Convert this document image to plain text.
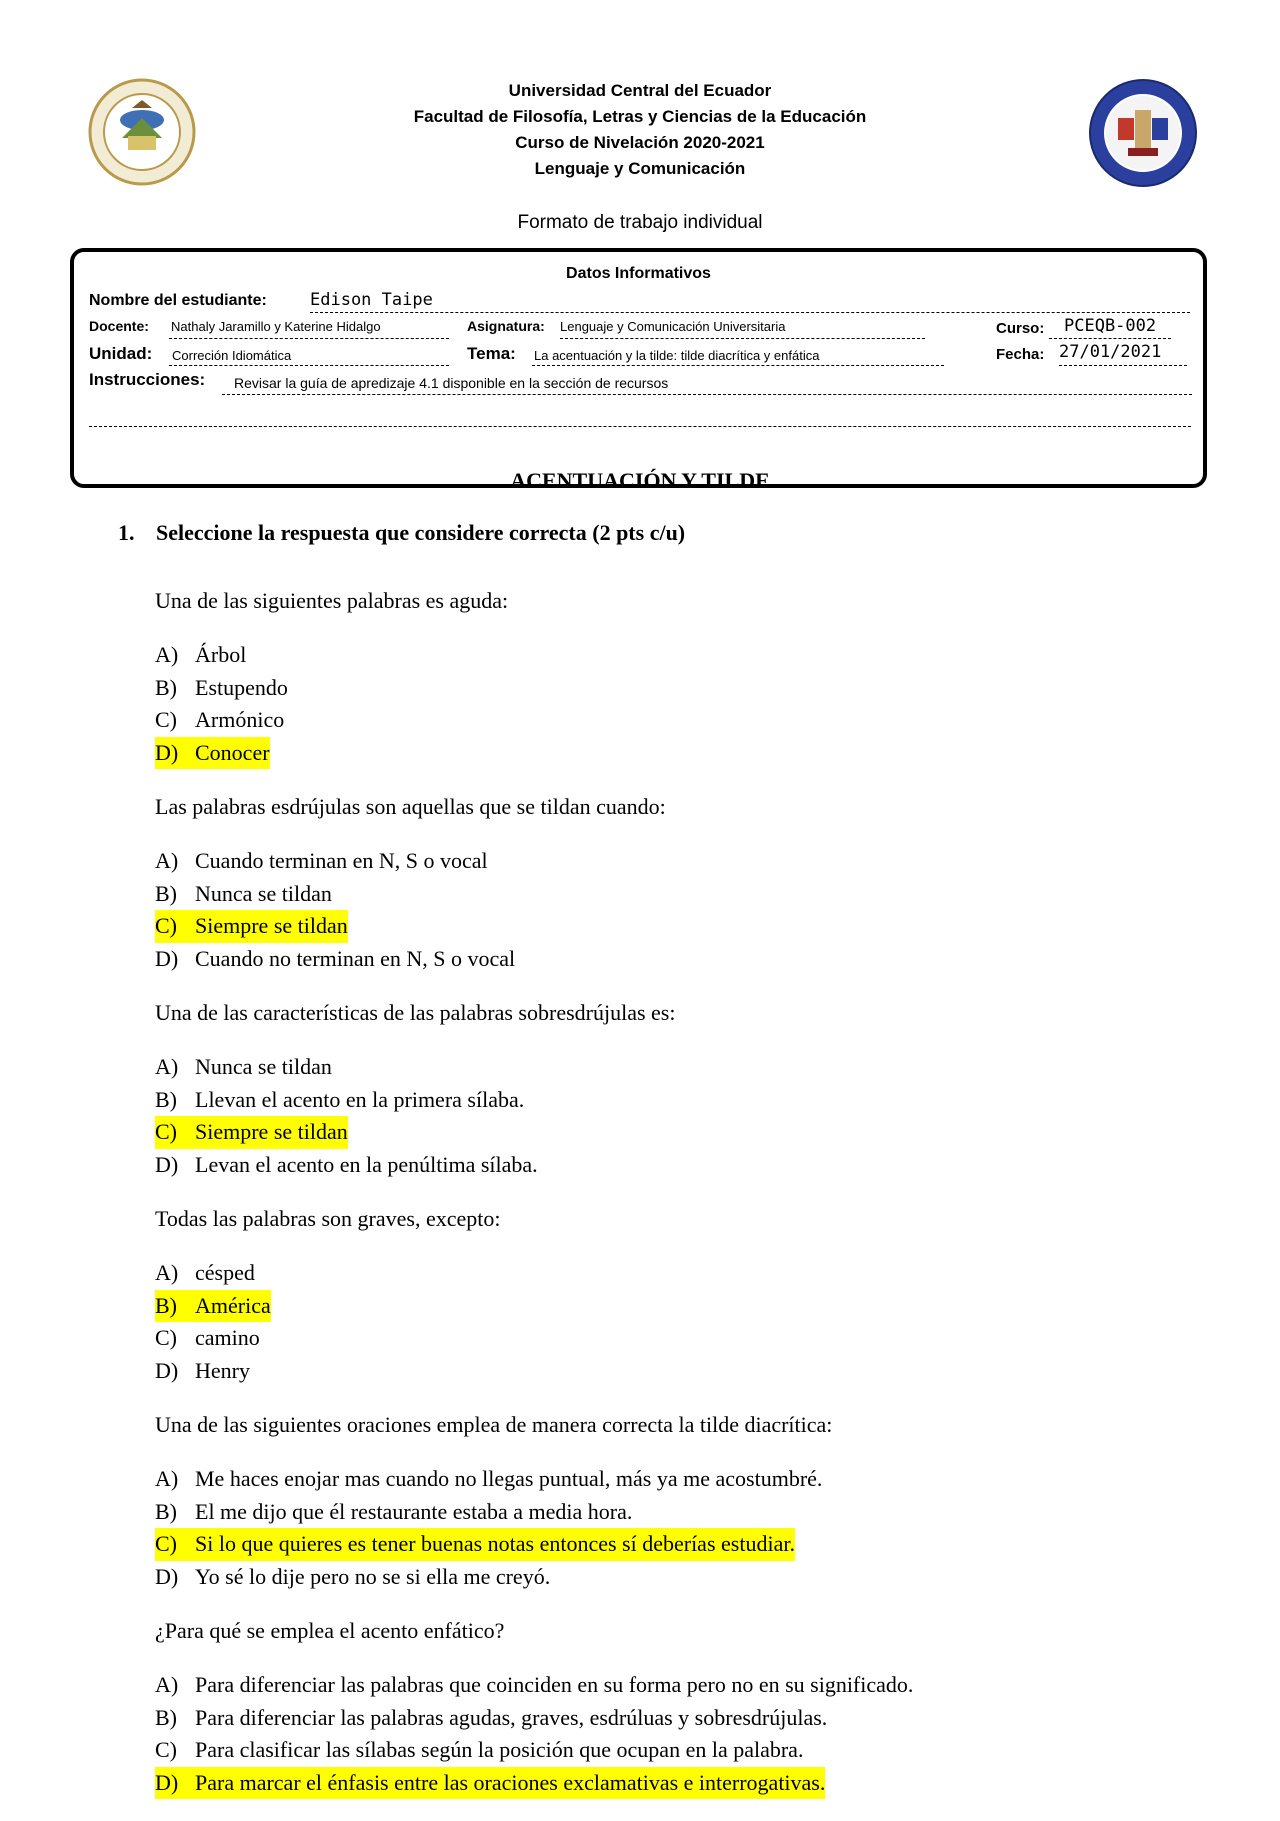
Universidad Central del Ecuador
Facultad de Filosofía, Letras y Ciencias de la Educación
Curso de Nivelación 2020-2021
Lenguaje y Comunicación
Formato de trabajo individual
Datos Informativos
Nombre del estudiante:	Edison Taipe
Docente: Nathaly Jaramillo y Katerine Hidalgo	Asignatura: Lenguaje y Comunicación Universitaria	Curso: PCEQB-002
Unidad: Correción Idiomática	Tema: La acentuación y la tilde: tilde diacrítica y enfática	Fecha: 27/01/2021
Instrucciones: Revisar la guía de apredizaje 4.1 disponible en la sección de recursos
ACENTUACIÓN Y TILDE
1. Seleccione la respuesta que considere correcta (2 pts c/u)
Una de las siguientes palabras es aguda:
A) Árbol
B) Estupendo
C) Armónico
D) Conocer
Las palabras esdrújulas son aquellas que se tildan cuando:
A) Cuando terminan en N, S o vocal
B) Nunca se tildan
C) Siempre se tildan
D) Cuando no terminan en N, S o vocal
Una de las características de las palabras sobresdrújulas es:
A) Nunca se tildan
B) Llevan el acento en la primera sílaba.
C) Siempre se tildan
D) Levan el acento en la penúltima sílaba.
Todas las palabras son graves, excepto:
A) césped
B) América
C) camino
D) Henry
Una de las siguientes oraciones emplea de manera correcta la tilde diacrítica:
A) Me haces enojar mas cuando no llegas puntual, más ya me acostumbré.
B) El me dijo que él restaurante estaba a media hora.
C) Si lo que quieres es tener buenas notas entonces sí deberías estudiar.
D) Yo sé lo dije pero no se si ella me creyó.
¿Para qué se emplea el acento enfático?
A) Para diferenciar las palabras que coinciden en su forma pero no en su significado.
B) Para diferenciar las palabras agudas, graves, esdrúluas y sobresdrújulas.
C) Para clasificar las sílabas según la posición que ocupan en la palabra.
D) Para marcar el énfasis entre las oraciones exclamativas e interrogativas.
